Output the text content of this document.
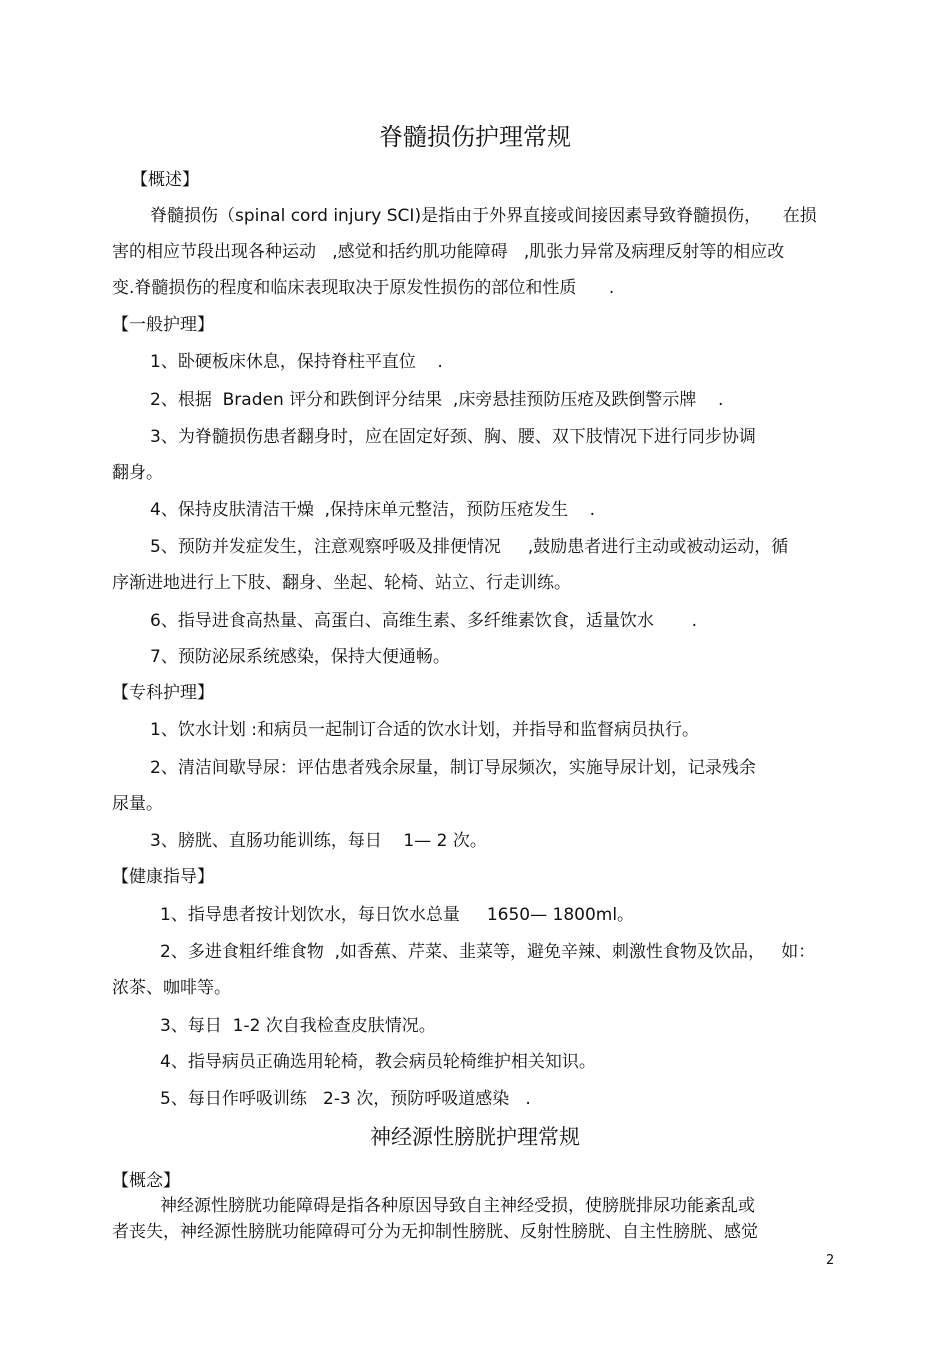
脊髓损伤护理常规
【概述】
脊髓损伤（spinal cord injury SCI)是指由于外界直接或间接因素导致脊髓损伤，    在损
害的相应节段出现各种运动   ,感觉和括约肌功能障碍   ,肌张力异常及病理反射等的相应改
变.脊髓损伤的程度和临床表现取决于原发性损伤的部位和性质      .
【一般护理】
1、卧硬板床休息，保持脊柱平直位    .
2、根据  Braden 评分和跌倒评分结果  ,床旁悬挂预防压疮及跌倒警示牌    .
3、为脊髓损伤患者翻身时，应在固定好颈、胸、腰、双下肢情况下进行同步协调
翻身。
4、保持皮肤清洁干燥  ,保持床单元整洁，预防压疮发生    .
5、预防并发症发生，注意观察呼吸及排便情况     ,鼓励患者进行主动或被动运动，循
序渐进地进行上下肢、翻身、坐起、轮椅、站立、行走训练。
6、指导进食高热量、高蛋白、高维生素、多纤维素饮食，适量饮水       .
7、预防泌尿系统感染，保持大便通畅。
【专科护理】
1、饮水计划 :和病员一起制订合适的饮水计划，并指导和监督病员执行。
2、清洁间歇导尿：评估患者残余尿量，制订导尿频次，实施导尿计划，记录残余
尿量。
3、膀胱、直肠功能训练，每日    1— 2 次。
【健康指导】
1、指导患者按计划饮水，每日饮水总量     1650— 1800ml。
2、多进食粗纤维食物  ,如香蕉、芹菜、韭菜等，避免辛辣、刺激性食物及饮品，   如：
浓茶、咖啡等。
3、每日  1-2 次自我检查皮肤情况。
4、指导病员正确选用轮椅，教会病员轮椅维护相关知识。
5、每日作呼吸训练   2-3 次，预防呼吸道感染   .
神经源性膀胱护理常规
【概念】
神经源性膀胱功能障碍是指各种原因导致自主神经受损，使膀胱排尿功能紊乱或
者丧失，神经源性膀胱功能障碍可分为无抑制性膀胱、反射性膀胱、自主性膀胱、感觉
2
